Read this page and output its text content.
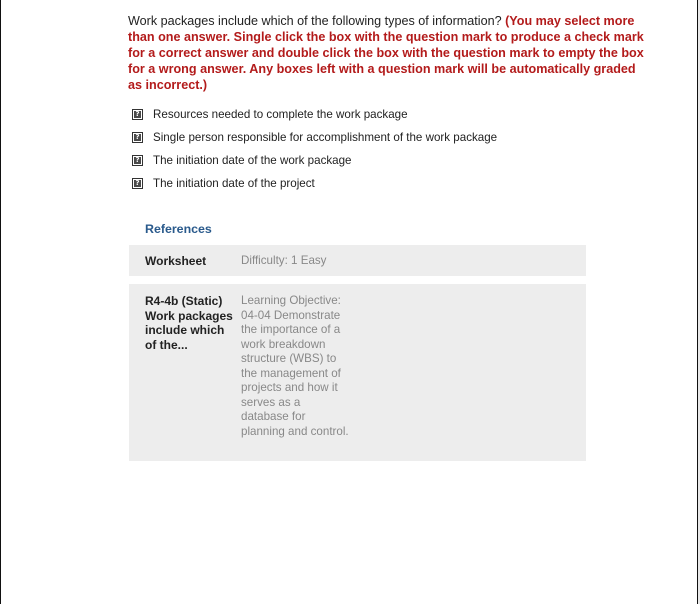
Work packages include which of the following types of information? (You may select more than one answer. Single click the box with the question mark to produce a check mark for a correct answer and double click the box with the question mark to empty the box for a wrong answer. Any boxes left with a question mark will be automatically graded as incorrect.)
? Resources needed to complete the work package
? Single person responsible for accomplishment of the work package
? The initiation date of the work package
? The initiation date of the project
References
Worksheet	Difficulty: 1 Easy
R4-4b (Static) Work packages include which of the...
Learning Objective: 04-04 Demonstrate the importance of a work breakdown structure (WBS) to the management of projects and how it serves as a database for planning and control.
